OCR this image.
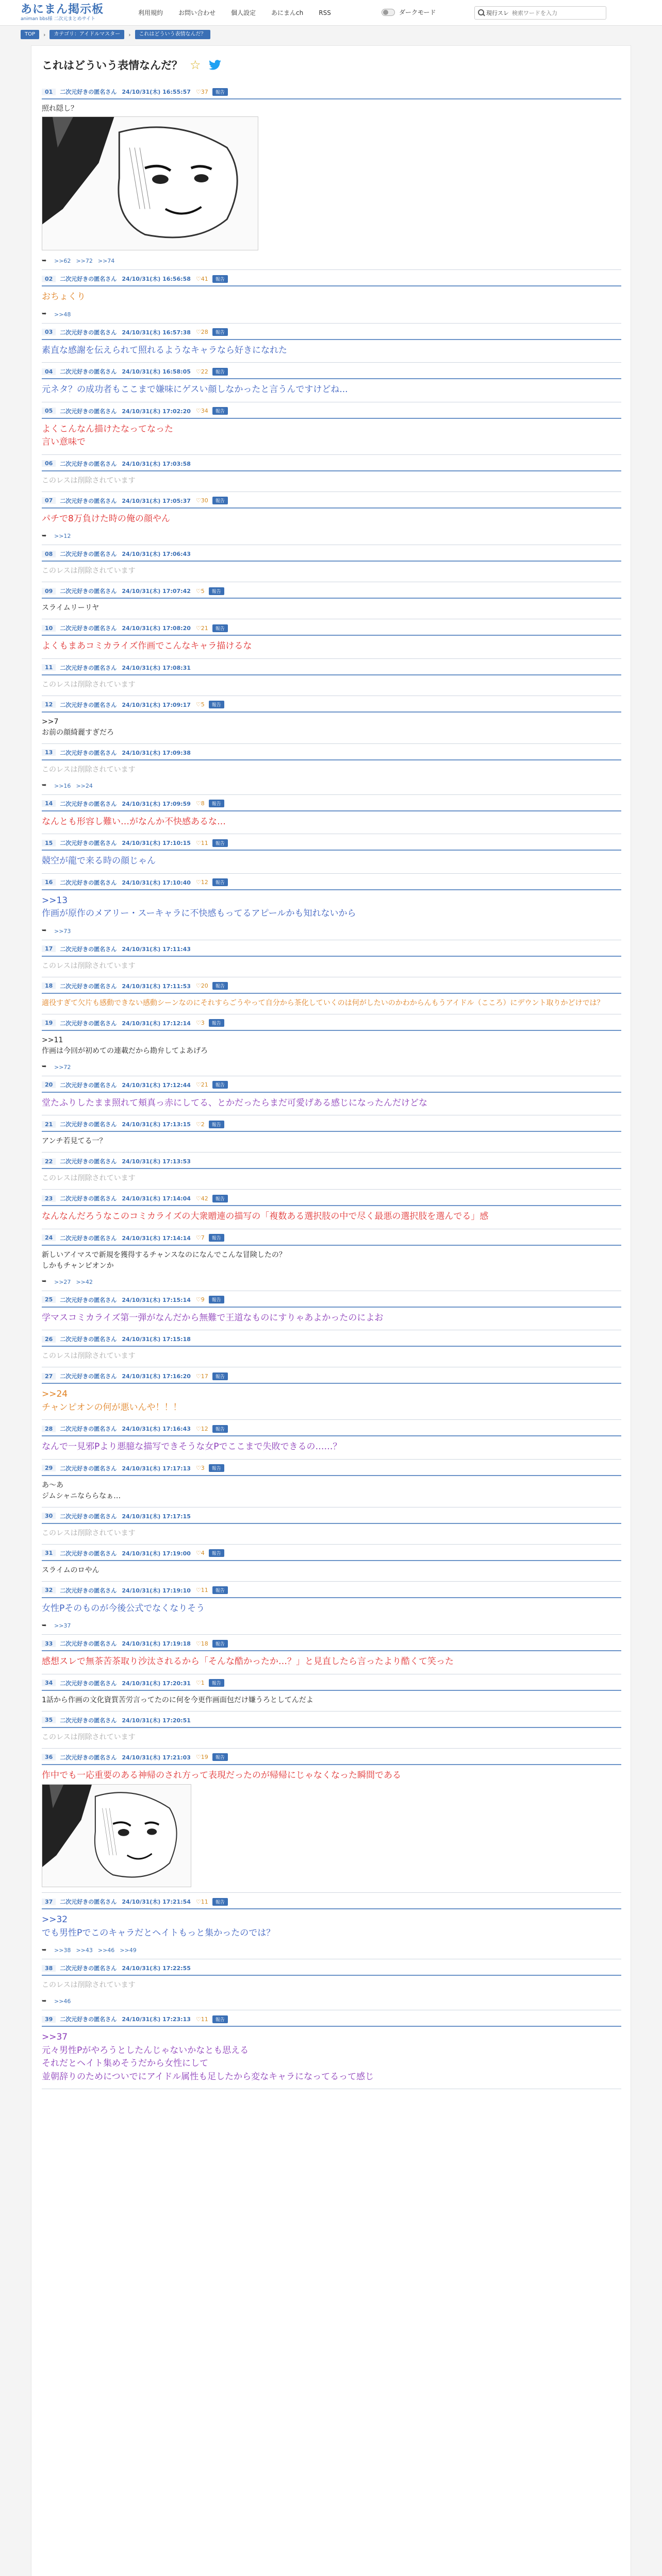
あにまん掲示板
animan bbs様 二次元まとめサイト
利用規約	お問い合わせ	個人設定	あにまんch	RSS	ダークモード	現行スレ
検索ワードを入力
TOP	›	カテゴリ：アイドルマスター	›	これはどういう表情なんだ？
これはどういう表情なんだ？ ☆
01	二次元好きの匿名さん 24/10/31(木) 16:55:57	♡ 37	報告
照れ隠し？
➥
>>62 >>72 >>74
02	二次元好きの匿名さん 24/10/31(木) 16:56:58	♡ 41	報告
おちょくり
➥
>>48
03	二次元好きの匿名さん 24/10/31(木) 16:57:38	♡ 28	報告
素直な感謝を伝えられて照れるようなキャラなら好きになれた
04	二次元好きの匿名さん 24/10/31(木) 16:58:05	♡ 22	報告
元ネタ？の成功者もここまで嫌味にゲスい顔しなかったと言うんですけどね...
05	二次元好きの匿名さん 24/10/31(木) 17:02:20	♡ 34	報告
よくこんなん描けたなってなった
言い意味で
06	二次元好きの匿名さん 24/10/31(木) 17:03:58
このレスは削除されています
07	二次元好きの匿名さん 24/10/31(木) 17:05:37	♡ 30	報告
パチで8万負けた時の俺の顔やん
➥
>>12
08	二次元好きの匿名さん 24/10/31(木) 17:06:43
このレスは削除されています
09	二次元好きの匿名さん 24/10/31(木) 17:07:42	♡ 5	報告
スライムリーリヤ
10	二次元好きの匿名さん 24/10/31(木) 17:08:20	♡ 21	報告
よくもまあコミカライズ作画でこんなキャラ描けるな
11	二次元好きの匿名さん 24/10/31(木) 17:08:31
このレスは削除されています
12	二次元好きの匿名さん 24/10/31(木) 17:09:17	♡ 5	報告
>>7
お前の顔綺麗すぎだろ
13	二次元好きの匿名さん 24/10/31(木) 17:09:38
このレスは削除されています
➥
>>16 >>24
14	二次元好きの匿名さん 24/10/31(木) 17:09:59	♡ 8	報告
なんとも形容し難い…がなんか不快感あるな…
15	二次元好きの匿名さん 24/10/31(木) 17:10:15	♡ 11	報告
競空が龍で来る時の顔じゃん
16	二次元好きの匿名さん 24/10/31(木) 17:10:40	♡ 12	報告
>>13
作画が原作のメアリー・スーキャラに不快感もってるアピールかも知れないから
➥
>>73
17	二次元好きの匿名さん 24/10/31(木) 17:11:43
このレスは削除されています
18	二次元好きの匿名さん 24/10/31(木) 17:11:53	♡ 20	報告
適役すぎて欠片も感動できない感動シーンなのにそれすらごうやって自分から茶化していくのは何がしたいのかわからんもうアイドル（こころ）にデウント取りかどけでは？
19	二次元好きの匿名さん 24/10/31(木) 17:12:14	♡ 3	報告
>>11
作画は今回が初めての連載だから勘弁してよあげろ
➥
>>72
20	二次元好きの匿名さん 24/10/31(木) 17:12:44	♡ 21	報告
堂たふりしたまま照れて頬真っ赤にしてる、とかだったらまだ可愛げある感じになったんだけどな
21	二次元好きの匿名さん 24/10/31(木) 17:13:15	♡ 2	報告
アンチ若見てる一？
22	二次元好きの匿名さん 24/10/31(木) 17:13:53
このレスは削除されています
23	二次元好きの匿名さん 24/10/31(木) 17:14:04	♡ 42	報告
なんなんだろうなこのコミカライズの大衆贈連の描写の「複数ある選択肢の中で尽く最悪の選択肢を選んでる」感
24	二次元好きの匿名さん 24/10/31(木) 17:14:14	♡ 7	報告
新しいアイマスで新規を獲得するチャンスなのになんでこんな冒険したの？
しかもチャンピオンか
➥
>>27 >>42
25	二次元好きの匿名さん 24/10/31(木) 17:15:14	♡ 9	報告
学マスコミカライズ第一弾がなんだから無難で王道なものにすりゃあよかったのによお
26	二次元好きの匿名さん 24/10/31(木) 17:15:18
このレスは削除されています
27	二次元好きの匿名さん 24/10/31(木) 17:16:20	♡ 17	報告
>>24
チャンピオンの何が悪いんや！！！
28	二次元好きの匿名さん 24/10/31(木) 17:16:43	♡ 12	報告
なんで一見邪Pより悪臆な描写できそうな女Pでここまで失敗できるの……？
29	二次元好きの匿名さん 24/10/31(木) 17:17:13	♡ 3	報告
あ～あ
ジムシャニなららなぁ…
30	二次元好きの匿名さん 24/10/31(木) 17:17:15
このレスは削除されています
31	二次元好きの匿名さん 24/10/31(木) 17:19:00	♡ 4	報告
スライムのロやん
32	二次元好きの匿名さん 24/10/31(木) 17:19:10	♡ 11	報告
女性Pそのものが今後公式でなくなりそう
➥
>>37
33	二次元好きの匿名さん 24/10/31(木) 17:19:18	♡ 18	報告
感想スレで無茶苦茶取り沙汰されるから「そんな酷かったか…？」と見直したら言ったより酷くて笑った
34	二次元好きの匿名さん 24/10/31(木) 17:20:31	♡ 1	報告
1話から作画の文化資質苦労言ってたのに何を今更作画面包だけ嫌うろとしてんだよ
35	二次元好きの匿名さん 24/10/31(木) 17:20:51
このレスは削除されています
36	二次元好きの匿名さん 24/10/31(木) 17:21:03	♡ 19	報告
作中でも一応重要のある神帰のされ方って表現だったのが帰帰にじゃなくなった瞬間である
37	二次元好きの匿名さん 24/10/31(木) 17:21:54	♡ 11	報告
>>32
でも男性Pでこのキャラだとヘイトもっと集かったのでは？
➥
>>38 >>43 >>46 >>49
38	二次元好きの匿名さん 24/10/31(木) 17:22:55
このレスは削除されています
➥
>>46
39	二次元好きの匿名さん 24/10/31(木) 17:23:13	♡ 11	報告
>>37
元々男性Pがやろうとしたんじゃないかなとも思える
それだとヘイト集めそうだから女性にして
並朝辞りのためについでにアイドル属性も足したから変なキャラになってるって感じ
